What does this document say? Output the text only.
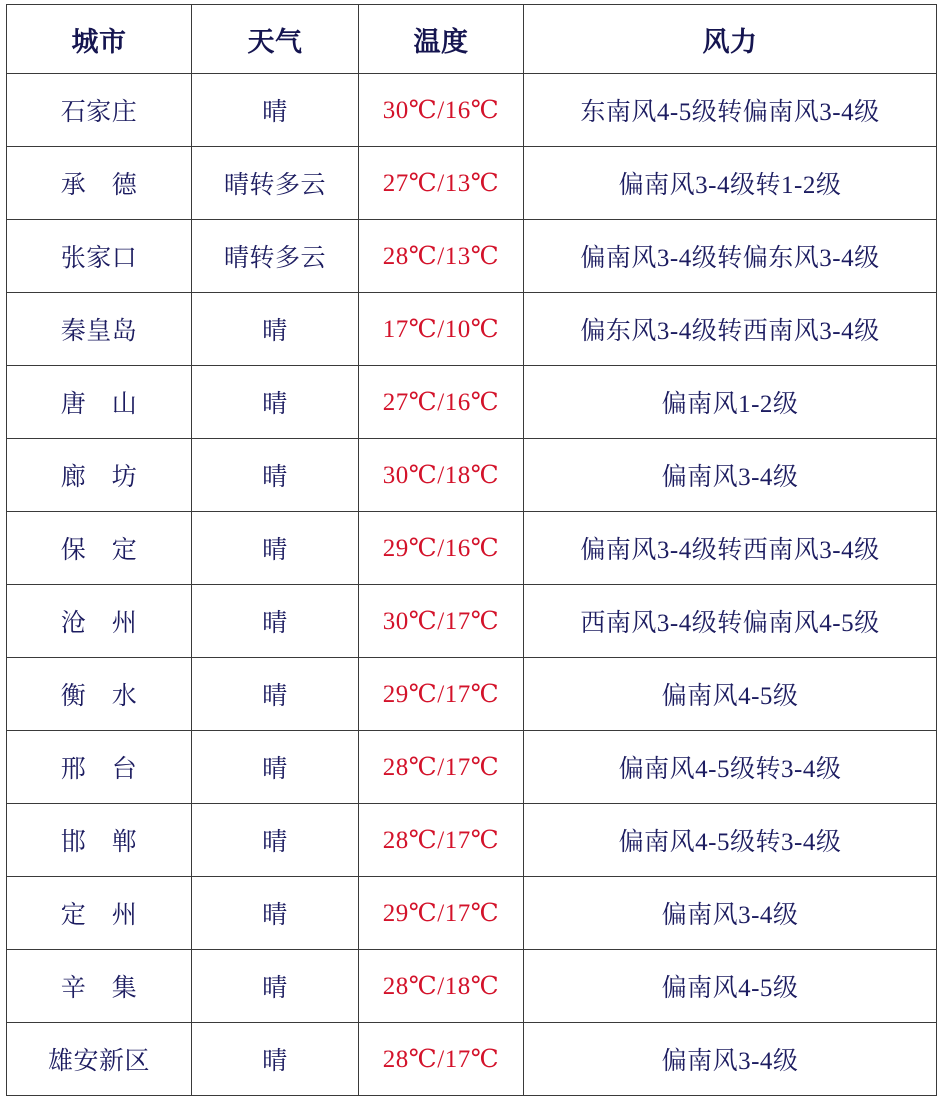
城市	天气	温度	风力
石家庄	晴	30℃/16℃	东南风4-5级转偏南风3-4级
承　德	晴转多云	27℃/13℃	偏南风3-4级转1-2级
张家口	晴转多云	28℃/13℃	偏南风3-4级转偏东风3-4级
秦皇岛	晴	17℃/10℃	偏东风3-4级转西南风3-4级
唐　山	晴	27℃/16℃	偏南风1-2级
廊　坊	晴	30℃/18℃	偏南风3-4级
保　定	晴	29℃/16℃	偏南风3-4级转西南风3-4级
沧　州	晴	30℃/17℃	西南风3-4级转偏南风4-5级
衡　水	晴	29℃/17℃	偏南风4-5级
邢　台	晴	28℃/17℃	偏南风4-5级转3-4级
邯　郸	晴	28℃/17℃	偏南风4-5级转3-4级
定　州	晴	29℃/17℃	偏南风3-4级
辛　集	晴	28℃/18℃	偏南风4-5级
雄安新区	晴	28℃/17℃	偏南风3-4级
